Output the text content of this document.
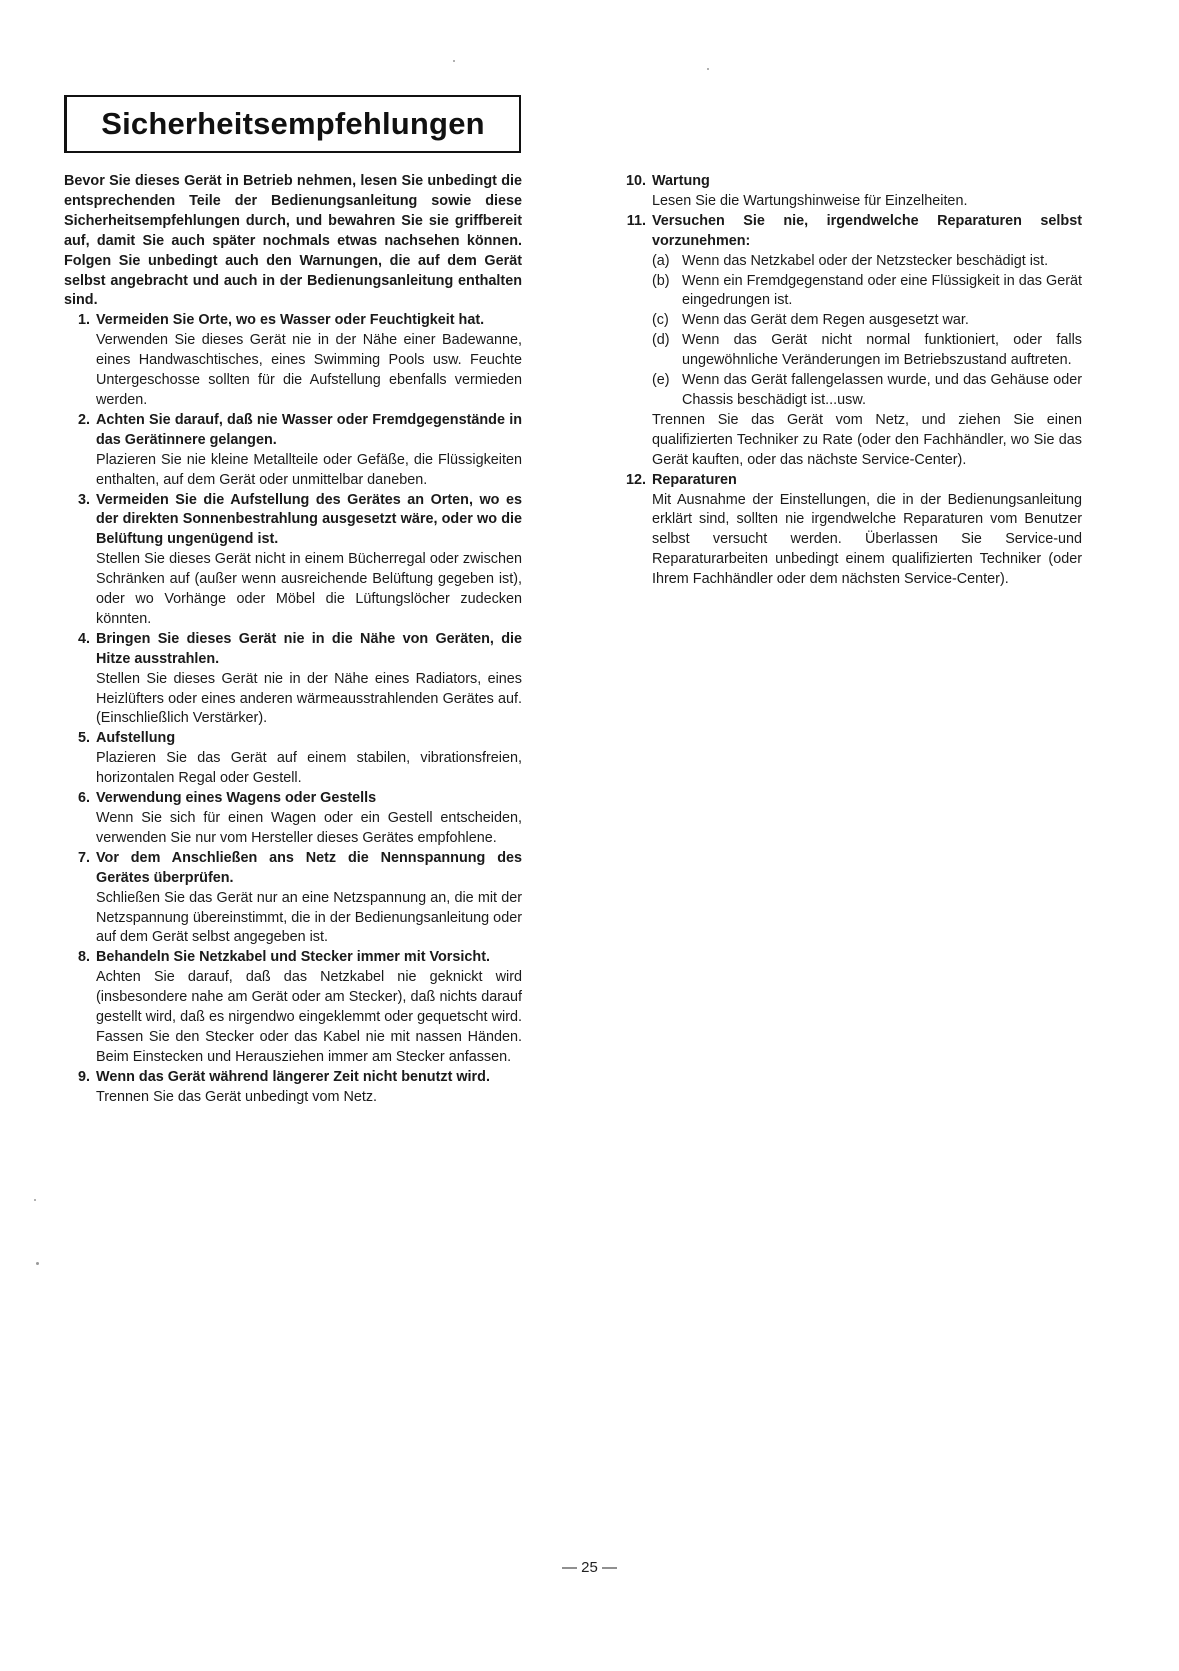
Sicherheitsempfehlungen

Bevor Sie dieses Gerät in Betrieb nehmen, lesen Sie unbedingt die entsprechenden Teile der Bedienungsanleitung sowie diese Sicherheitsempfehlungen durch, und bewahren Sie sie griffbereit auf, damit Sie auch später nochmals etwas nachsehen können. Folgen Sie unbedingt auch den Warnungen, die auf dem Gerät selbst angebracht und auch in der Bedienungsanleitung enthalten sind.

1. Vermeiden Sie Orte, wo es Wasser oder Feuchtigkeit hat.
Verwenden Sie dieses Gerät nie in der Nähe einer Badewanne, eines Handwaschtisches, eines Swimming Pools usw. Feuchte Untergeschosse sollten für die Aufstellung ebenfalls vermieden werden.
2. Achten Sie darauf, daß nie Wasser oder Fremdgegenstände in das Gerätinnere gelangen.
Plazieren Sie nie kleine Metallteile oder Gefäße, die Flüssigkeiten enthalten, auf dem Gerät oder unmittelbar daneben.
3. Vermeiden Sie die Aufstellung des Gerätes an Orten, wo es der direkten Sonnenbestrahlung ausgesetzt wäre, oder wo die Belüftung ungenügend ist.
Stellen Sie dieses Gerät nicht in einem Bücherregal oder zwischen Schränken auf (außer wenn ausreichende Belüftung gegeben ist), oder wo Vorhänge oder Möbel die Lüftungslöcher zudecken könnten.
4. Bringen Sie dieses Gerät nie in die Nähe von Geräten, die Hitze ausstrahlen.
Stellen Sie dieses Gerät nie in der Nähe eines Radiators, eines Heizlüfters oder eines anderen wärmeausstrahlenden Gerätes auf. (Einschließlich Verstärker).
5. Aufstellung
Plazieren Sie das Gerät auf einem stabilen, vibrationsfreien, horizontalen Regal oder Gestell.
6. Verwendung eines Wagens oder Gestells
Wenn Sie sich für einen Wagen oder ein Gestell entscheiden, verwenden Sie nur vom Hersteller dieses Gerätes empfohlene.
7. Vor dem Anschließen ans Netz die Nennspannung des Gerätes überprüfen.
Schließen Sie das Gerät nur an eine Netzspannung an, die mit der Netzspannung übereinstimmt, die in der Bedienungsanleitung oder auf dem Gerät selbst angegeben ist.
8. Behandeln Sie Netzkabel und Stecker immer mit Vorsicht.
Achten Sie darauf, daß das Netzkabel nie geknickt wird (insbesondere nahe am Gerät oder am Stecker), daß nichts darauf gestellt wird, daß es nirgendwo eingeklemmt oder gequetscht wird. Fassen Sie den Stecker oder das Kabel nie mit nassen Händen. Beim Einstecken und Herausziehen immer am Stecker anfassen.
9. Wenn das Gerät während längerer Zeit nicht benutzt wird.
Trennen Sie das Gerät unbedingt vom Netz.
10. Wartung
Lesen Sie die Wartungshinweise für Einzelheiten.
11. Versuchen Sie nie, irgendwelche Reparaturen selbst vorzunehmen:
(a) Wenn das Netzkabel oder der Netzstecker beschädigt ist.
(b) Wenn ein Fremdgegenstand oder eine Flüssigkeit in das Gerät eingedrungen ist.
(c) Wenn das Gerät dem Regen ausgesetzt war.
(d) Wenn das Gerät nicht normal funktioniert, oder falls ungewöhnliche Veränderungen im Betriebszustand auftreten.
(e) Wenn das Gerät fallengelassen wurde, und das Gehäuse oder Chassis beschädigt ist...usw.
Trennen Sie das Gerät vom Netz, und ziehen Sie einen qualifizierten Techniker zu Rate (oder den Fachhändler, wo Sie das Gerät kauften, oder das nächste Service-Center).
12. Reparaturen
Mit Ausnahme der Einstellungen, die in der Bedienungsanleitung erklärt sind, sollten nie irgendwelche Reparaturen vom Benutzer selbst versucht werden. Überlassen Sie Service-und Reparaturarbeiten unbedingt einem qualifizierten Techniker (oder Ihrem Fachhändler oder dem nächsten Service-Center).
— 25 —
